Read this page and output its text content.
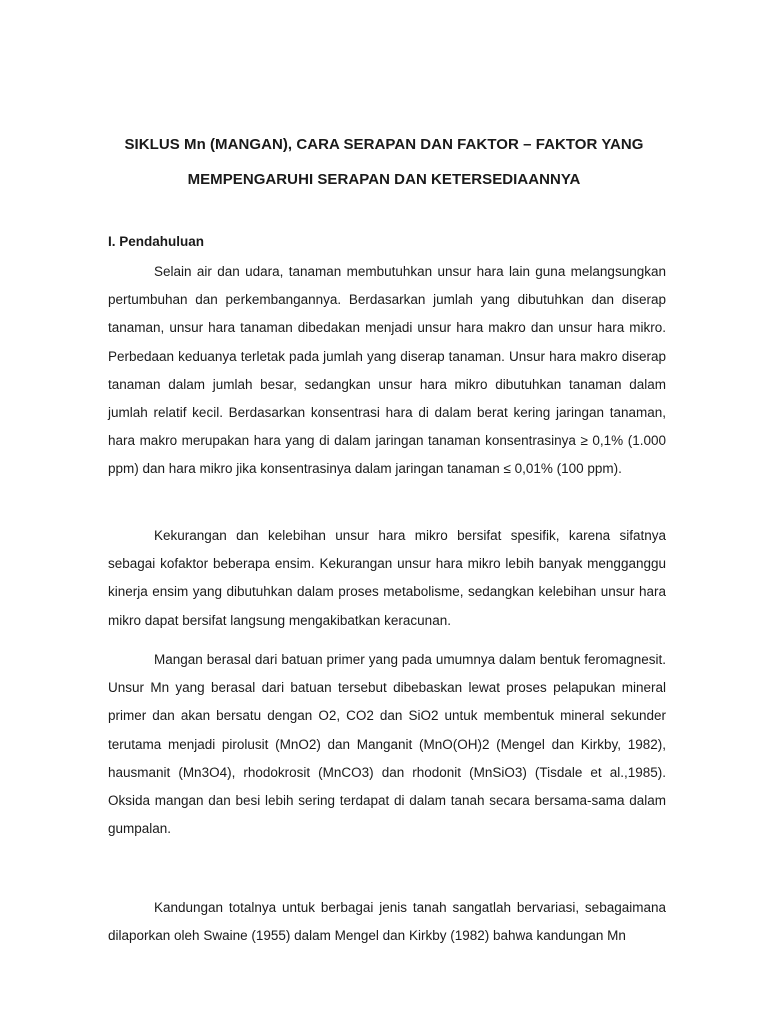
SIKLUS Mn (MANGAN), CARA SERAPAN DAN FAKTOR – FAKTOR YANG

MEMPENGARUHI SERAPAN DAN KETERSEDIAANNYA

I. Pendahuluan

Selain air dan udara, tanaman membutuhkan unsur hara lain guna melangsungkan pertumbuhan dan perkembangannya. Berdasarkan jumlah yang dibutuhkan dan diserap tanaman, unsur hara tanaman dibedakan menjadi unsur hara makro dan unsur hara mikro. Perbedaan keduanya terletak pada jumlah yang diserap tanaman. Unsur hara makro diserap tanaman dalam jumlah besar, sedangkan unsur hara mikro dibutuhkan tanaman dalam jumlah relatif kecil. Berdasarkan konsentrasi hara di dalam berat kering jaringan tanaman, hara makro merupakan hara yang di dalam jaringan tanaman konsentrasinya ≥ 0,1% (1.000 ppm) dan hara mikro jika konsentrasinya dalam jaringan tanaman ≤ 0,01% (100 ppm).

Kekurangan dan kelebihan unsur hara mikro bersifat spesifik, karena sifatnya sebagai kofaktor beberapa ensim. Kekurangan unsur hara mikro lebih banyak mengganggu kinerja ensim yang dibutuhkan dalam proses metabolisme, sedangkan kelebihan unsur hara mikro dapat bersifat langsung mengakibatkan keracunan.

Mangan berasal dari batuan primer yang pada umumnya dalam bentuk feromagnesit. Unsur Mn yang berasal dari batuan tersebut dibebaskan lewat proses pelapukan mineral primer dan akan bersatu dengan O2, CO2 dan SiO2 untuk membentuk mineral sekunder terutama menjadi pirolusit (MnO2) dan Manganit (MnO(OH)2 (Mengel dan Kirkby, 1982), hausmanit (Mn3O4), rhodokrosit (MnCO3) dan rhodonit (MnSiO3) (Tisdale et al.,1985). Oksida mangan dan besi lebih sering terdapat di dalam tanah secara bersama-sama dalam gumpalan.

Kandungan totalnya untuk berbagai jenis tanah sangatlah bervariasi, sebagaimana dilaporkan oleh Swaine (1955) dalam Mengel dan Kirkby (1982) bahwa kandungan Mn
